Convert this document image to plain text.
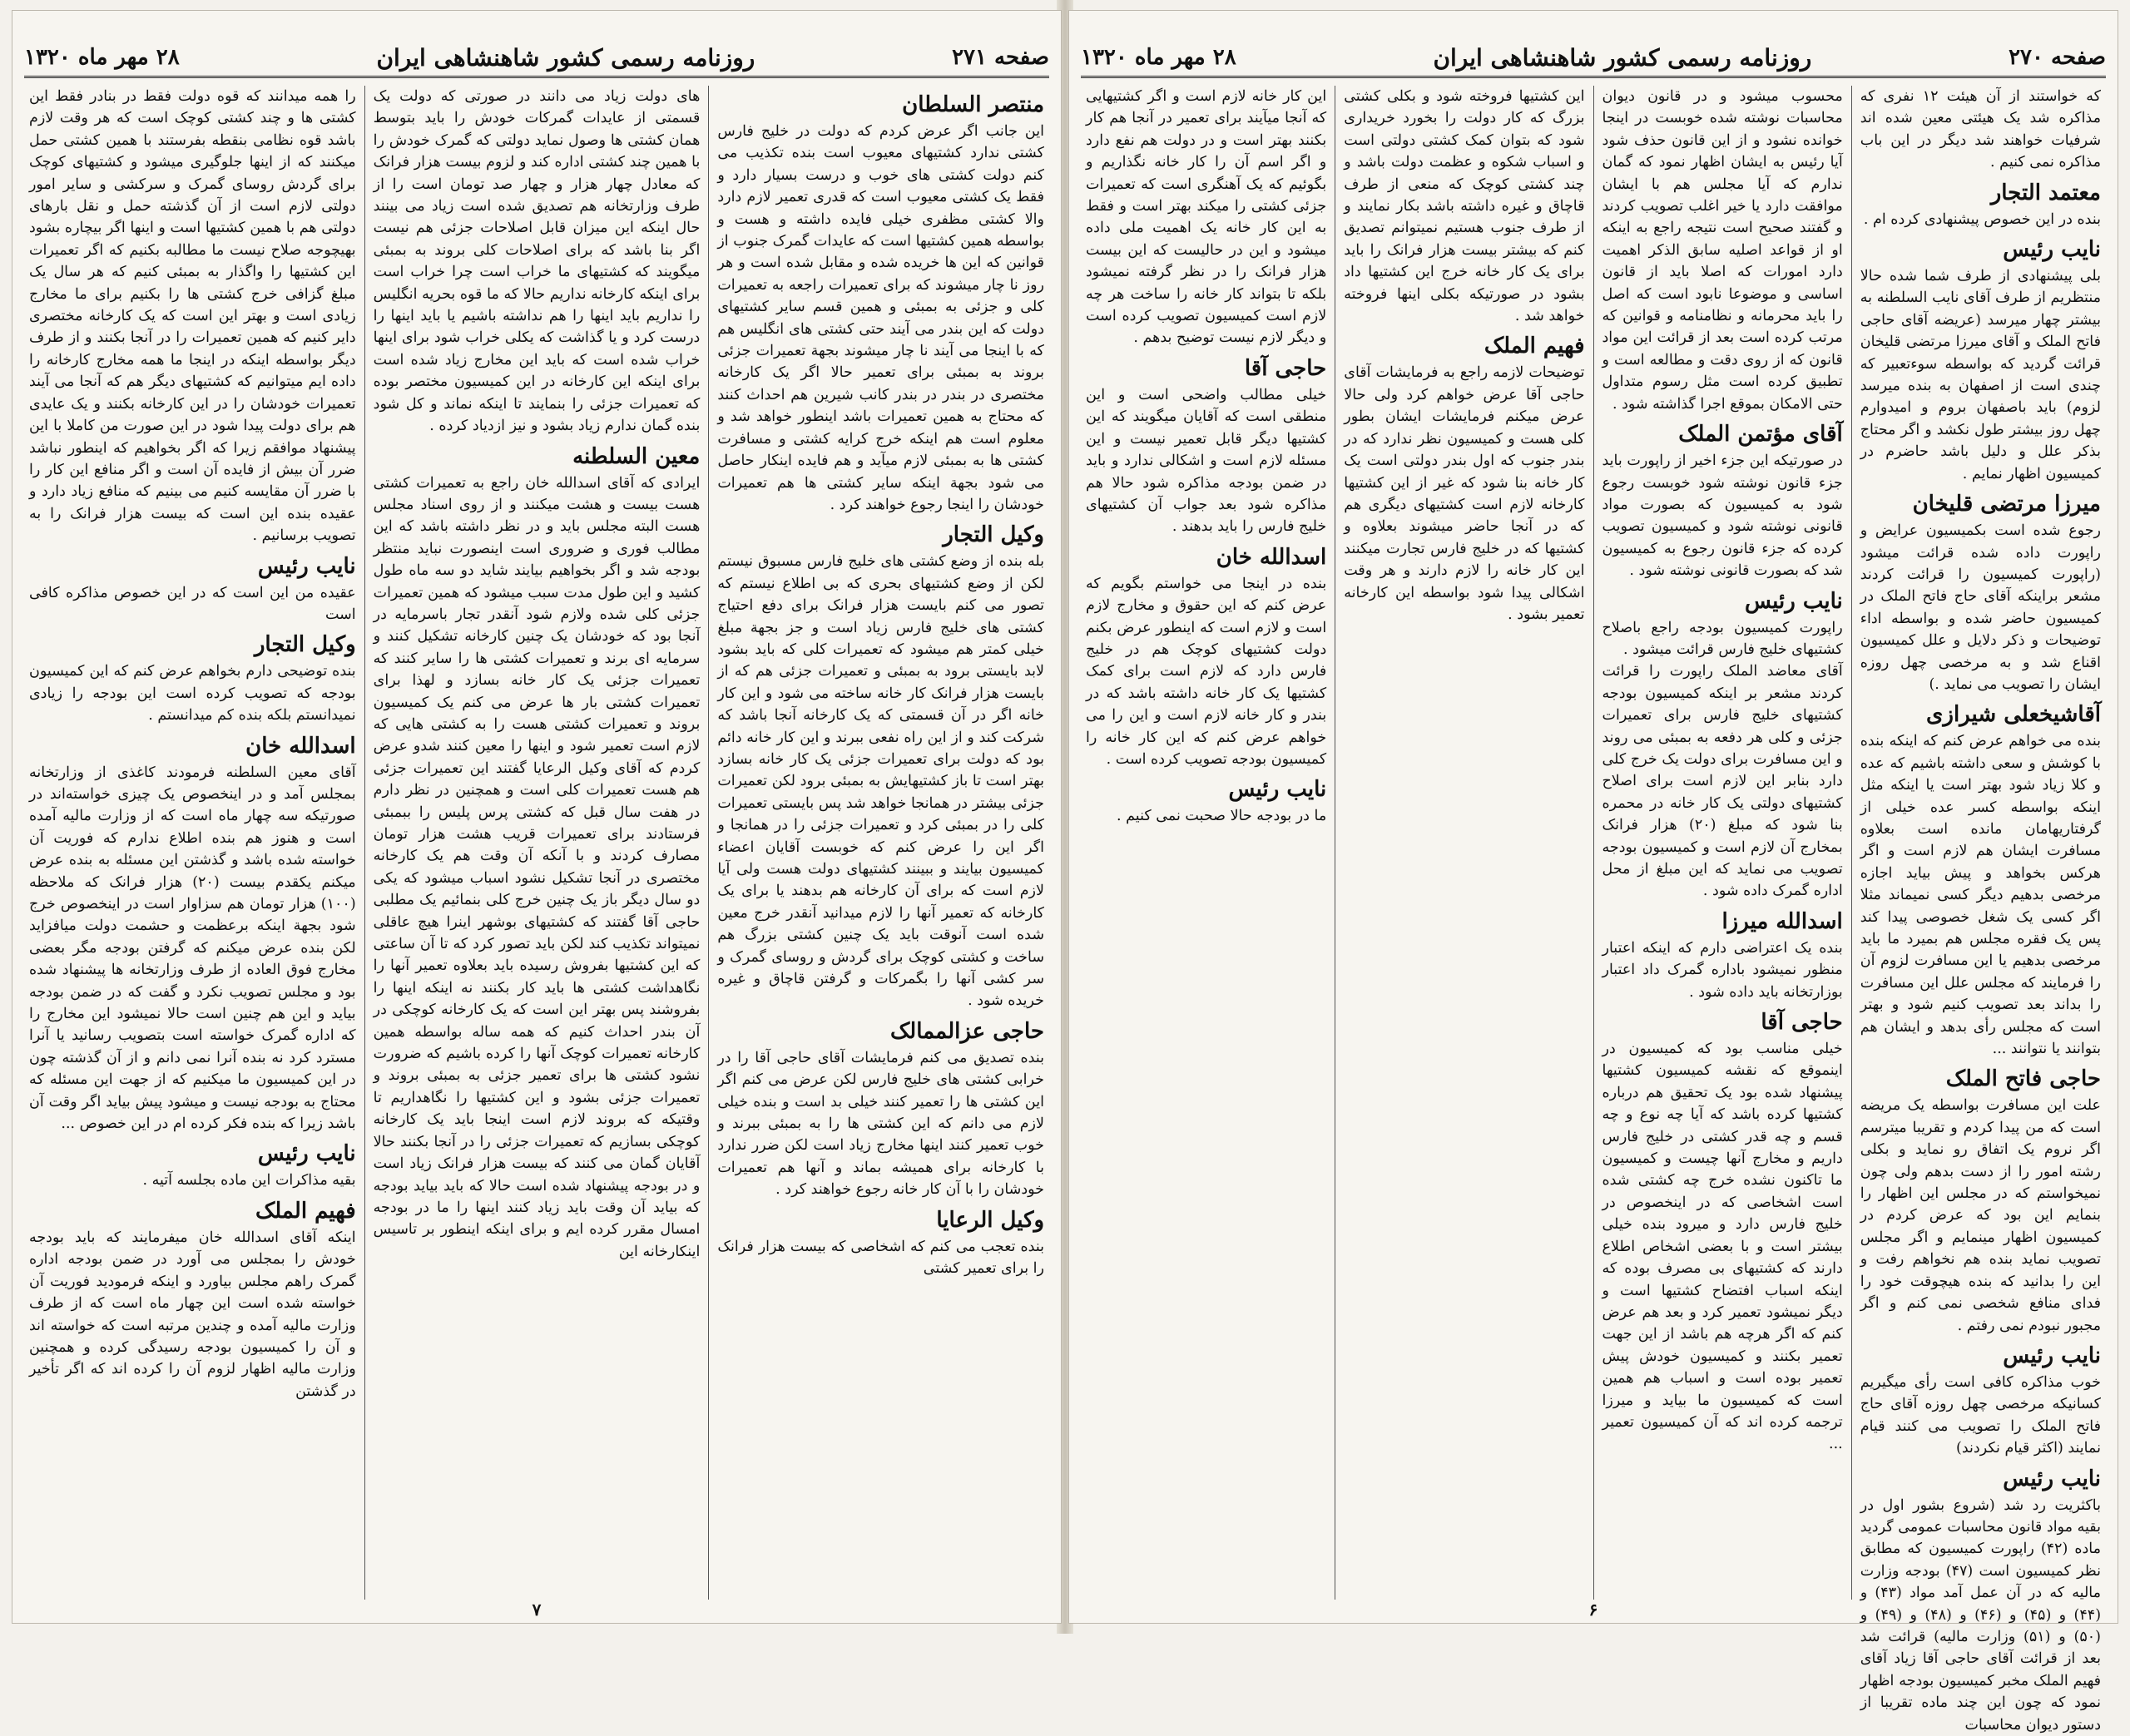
صفحه ۲۷۱
روزنامه رسمی کشور شاهنشاهی ایران
۲۸ مهر ماه ۱۳۲۰

منتصر السلطان
این جانب اگر عرض کردم که دولت در خلیج فارس کشتی ندارد کشتیهای معیوب است بنده تکذیب می کنم دولت کشتی های خوب و درست بسیار دارد و فقط یک کشتی معیوب است که قدری تعمیر لازم دارد والا کشتی مظفری خیلی فایده داشته و هست و بواسطه همین کشتیها است که عایدات گمرک جنوب از قوانین که این ها خریده شده و مقابل شده است و هر روز نا چار میشوند که برای تعمیرات راجعه به تعمیرات کلی و جزئی به بمبئی و همین قسم سایر کشتیهای دولت که این بندر می آیند حتی کشتی های انگلیس هم که با اینجا می آیند نا چار میشوند بجهة تعمیرات جزئی بروند به بمبئی برای تعمیر حالا اگر یک کارخانه مختصری در بندر در بندر کانب شیرین هم احداث کنند که محتاج به همین تعمیرات باشد اینطور خواهد شد و معلوم است هم اینکه خرج کرایه کشتی و مسافرت کشتی ها به بمبئی لازم میآید و هم فایده اینکار حاصل می شود بجهة اینکه سایر کشتی ها هم تعمیرات خودشان را اینجا رجوع خواهند کرد .

وکیل التجار
بله بنده از وضع کشتی های خلیج فارس مسبوق نیستم لکن از وضع کشتیهای بحری که بی اطلاع نیستم که تصور می کنم بایست هزار فرانک برای دفع احتیاج کشتی های خلیج فارس زیاد است و جز بجهة مبلغ خیلی کمتر هم میشود که تعمیرات کلی که باید بشود لابد بایستی برود به بمبئی و تعمیرات جزئی هم که از بایست هزار فرانک کار خانه ساخته می شود و این کار خانه اگر در آن قسمتی که یک کارخانه آنجا باشد که شرکت کند و از این راه نفعی ببرند و این کار خانه دائم بود که دولت برای تعمیرات جزئی یک کار خانه بسازد بهتر است تا باز کشتیهایش به بمبئی برود لکن تعمیرات جزئی بیشتر در همانجا خواهد شد پس بایستی تعمیرات کلی را در بمبئی کرد و تعمیرات جزئی را در همانجا و اگر این را عرض کنم که خوبست آقایان اعضاء کمیسیون بیایند و ببینند کشتیهای دولت هست ولی آیا لازم است که برای آن کارخانه هم بدهند یا برای یک کارخانه که تعمیر آنها را لازم میدانید آنقدر خرج معین شده است آنوقت باید یک چنین کشتی بزرگ هم ساخت و کشتی کوچک برای گردش و روسای گمرک و سر کشی آنها را بگمرکات و گرفتن قاچاق و غیره خریده شود .

حاجی عزالممالک
بنده تصدیق می کنم فرمایشات آقای حاجی آقا را در خرابی کشتی های خلیج فارس لکن عرض می کنم اگر این کشتی ها را تعمیر کنند خیلی بد است و بنده خیلی لازم می دانم که این کشتی ها را به بمبئی ببرند و خوب تعمیر کنند اینها مخارج زیاد است لکن ضرر ندارد با کارخانه برای همیشه بماند و آنها هم تعمیرات خودشان را با آن کار خانه رجوع خواهند کرد .

وکیل الرعایا
بنده تعجب می کنم که اشخاصی که بیست هزار فرانک را برای تعمیر کشتی

های دولت زیاد می دانند در صورتی که دولت یک قسمتی از عایدات گمرکات خودش را باید بتوسط همان کشتی ها وصول نماید دولتی که گمرک خودش را با همین چند کشتی اداره کند و لزوم بیست هزار فرانک که معادل چهار هزار و چهار صد تومان است را از طرف وزارتخانه هم تصدیق شده است زیاد می بینند حال اینکه این میزان قابل اصلاحات جزئی هم نیست اگر بنا باشد که برای اصلاحات کلی بروند به بمبئی میگویند که کشتیهای ما خراب است چرا خراب است برای اینکه کارخانه نداریم حالا که ما قوه بحریه انگلیس را نداریم باید اینها را هم نداشته باشیم یا باید اینها را درست کرد و یا گذاشت که یکلی خراب شود برای اینها خراب شده است که باید این مخارج زیاد شده است برای اینکه این کارخانه در این کمیسیون مختصر بوده که تعمیرات جزئی را بنمایند تا اینکه نماند و کل شود بنده گمان ندارم زیاد بشود و نیز ازدیاد کرده .

معین السلطنه
ایرادی که آقای اسدالله خان راجع به تعمیرات کشتی هست بیست و هشت میکنند و از روی اسناد مجلس هست البته مجلس باید و در نظر داشته باشد که این مطالب فوری و ضروری است اینصورت نباید منتظر بودجه شد و اگر بخواهیم بیایند شاید دو سه ماه طول کشید و این طول مدت سبب میشود که همین تعمیرات جزئی کلی شده ولازم شود آنقدر تجار باسرمایه در آنجا بود که خودشان یک چنین کارخانه تشکیل کنند و سرمایه ای برند و تعمیرات کشتی ها را سایر کنند که تعمیرات جزئی یک کار خانه بسازد و لهذا برای تعمیرات کشتی بار ها عرض می کنم یک کمیسیون بروند و تعمیرات کشتی هست را به کشتی هایی که لازم است تعمیر شود و اینها را معین کنند شدو عرض کردم که آقای وکیل الرعایا گفتند این تعمیرات جزئی هم هست تعمیرات کلی است و همچنین در نظر دارم در هفت سال قبل که کشتی پرس پلیس را ببمبئی فرستادند برای تعمیرات قریب هشت هزار تومان مصارف کردند و با آنکه آن وقت هم یک کارخانه مختصری در آنجا تشکیل نشود اسباب میشود که یکی دو سال دیگر باز یک چنین خرج کلی بنمائیم یک مطلبی حاجی آقا گفتند که کشتیهای بوشهر اینرا هیچ عاقلی نمیتواند تکذیب کند لکن باید تصور کرد که تا آن ساعتی که این کشتیها بفروش رسیده باید بعلاوه تعمیر آنها را نگاهداشت کشتی ها باید کار بکنند نه اینکه اینها را بفروشند پس بهتر این است که یک کارخانه کوچکی در آن بندر احداث کنیم که همه ساله بواسطه همین کارخانه تعمیرات کوچک آنها را کرده باشیم که ضرورت نشود کشتی ها برای تعمیر جزئی به بمبئی بروند و تعمیرات جزئی بشود و این کشتیها را نگاهداریم تا وقتیکه که بروند لازم است اینجا باید یک کارخانه کوچکی بسازیم که تعمیرات جزئی را در آنجا بکنند حالا آقایان گمان می کنند که بیست هزار فرانک زیاد است و در بودجه پیشنهاد شده است حالا که باید بیاید بودجه که بیاید آن وقت باید زیاد کنند اینها را ما در بودجه امسال مقرر کرده ایم و برای اینکه اینطور بر تاسیس اینکارخانه این

را همه میدانند که قوه دولت فقط در بنادر فقط این کشتی ها و چند کشتی کوچک است که هر وقت لازم باشد قوه نظامی بنقطه بفرستند با همین کشتی حمل میکنند که از اینها جلوگیری میشود و کشتیهای کوچک برای گردش روسای گمرک و سرکشی و سایر امور دولتی لازم است از آن گذشته حمل و نقل بارهای دولتی هم با همین کشتیها است و اینها اگر بیچاره بشود بهیچوجه صلاح نیست ما مطالبه بکنیم که اگر تعمیرات این کشتیها را واگذار به بمبئی کنیم که هر سال یک مبلغ گزافی خرج کشتی ها را بکنیم برای ما مخارج زیادی است و بهتر این است که یک کارخانه مختصری دایر کنیم که همین تعمیرات را در آنجا بکنند و از طرف دیگر بواسطه اینکه در اینجا ما همه مخارج کارخانه را داده ایم میتوانیم که کشتیهای دیگر هم که آنجا می آیند تعمیرات خودشان را در این کارخانه بکنند و یک عایدی هم برای دولت پیدا شود در این صورت من کاملا با این پیشنهاد موافقم زیرا که اگر بخواهیم که اینطور نباشد ضرر آن بیش از فایده آن است و اگر منافع این کار را با ضرر آن مقایسه کنیم می بینیم که منافع زیاد دارد و عقیده بنده این است که بیست هزار فرانک را به تصویب برسانیم .

نایب رئیس
عقیده من این است که در این خصوص مذاکره کافی است

وکیل التجار
بنده توضیحی دارم بخواهم عرض کنم که این کمیسیون بودجه که تصویب کرده است این بودجه را زیادی نمیدانستم بلکه بنده کم میدانستم .

اسدالله خان
آقای معین السلطنه فرمودند کاغذی از وزارتخانه بمجلس آمد و در اینخصوص یک چیزی خواسته‌اند در صورتیکه سه چهار ماه است که از وزارت مالیه آمده است و هنوز هم بنده اطلاع ندارم که فوریت آن خواسته شده باشد و گذشتن این مسئله به بنده عرض میکنم یکقدم بیست (۲۰) هزار فرانک که ملاحظه (۱۰۰) هزار تومان هم سزاوار است در اینخصوص خرج شود بجهة اینکه برعظمت و حشمت دولت میافزاید لکن بنده عرض میکنم که گرفتن بودجه مگر بعضی مخارج فوق العاده از طرف وزارتخانه ها پیشنهاد شده بود و مجلس تصویب نکرد و گفت که در ضمن بودجه بیاید و این هم چنین است حالا نمیشود این مخارج را که اداره گمرک خواسته است بتصویب رسانید یا آنرا مسترد کرد نه بنده آنرا نمی دانم و از آن گذشته چون در این کمیسیون ما میکنیم که از جهت این مسئله که محتاج به بودجه نیست و میشود پیش بیاید اگر وقت آن باشد زیرا که بنده فکر کرده ام در این خصوص ...

نایب رئیس
بقیه مذاکرات این ماده بجلسه آتیه .

فهیم الملک
اینکه آقای اسدالله خان میفرمایند که باید بودجه خودش را بمجلس می آورد در ضمن بودجه اداره گمرک راهم مجلس بیاورد و اینکه فرمودید فوریت آن خواسته شده است این چهار ماه است که از طرف وزارت مالیه آمده و چندین مرتبه است که خواسته اند و آن را کمیسیون بودجه رسیدگی کرده و همچنین وزارت مالیه اظهار لزوم آن را کرده اند که اگر تأخیر در گذشتن

۷
صفحه ۲۷۰
روزنامه رسمی کشور شاهنشاهی ایران
۲۸ مهر ماه ۱۳۲۰

که خواستند از آن هیئت ۱۲ نفری که مذاکره شد یک هیئتی معین شده اند شرفیات خواهند شد دیگر در این باب مذاکره نمی کنیم .

معتمد التجار
بنده در این خصوص پیشنهادی کرده ام .

نایب رئیس
بلی پیشنهادی از طرف شما شده حالا منتظریم از طرف آقای نایب السلطنه به بیشتر چهار میرسد (عریضه آقای حاجی فاتح الملک و آقای میرزا مرتضی قلیخان قرائت گردید که بواسطه سوءتعبیر که چندی است از اصفهان به بنده میرسد لزوم) باید باصفهان بروم و امیدوارم چهل روز بیشتر طول نکشد و اگر محتاج بذکر علل و دلیل باشد حاضرم در کمیسیون اظهار نمایم .

میرزا مرتضی قلیخان
رجوع شده است بکمیسیون عرایض و راپورت داده شده قرائت میشود (راپورت کمیسیون را قرائت کردند مشعر براینکه آقای حاج فاتح الملک در کمیسیون حاضر شده و بواسطه اداء توضیحات و ذکر دلایل و علل کمیسیون اقناع شد و به مرخصی چهل روزه ایشان را تصویب می نماید .)

آقاشیخعلی شیرازی
بنده می خواهم عرض کنم که اینکه بنده با کوشش و سعی داشته باشیم که عده و کلا زیاد شود بهتر است یا اینکه مثل اینکه بواسطه کسر عده خیلی از گرفتاریهامان مانده است بعلاوه مسافرت ایشان هم لازم است و اگر هرکس بخواهد و پیش بیاید اجازه مرخصی بدهیم دیگر کسی نمیماند مثلا اگر کسی یک شغل خصوصی پیدا کند پس یک فقره مجلس هم بمیرد ما باید مرخصی بدهیم یا این مسافرت لزوم آن را فرمایند که مجلس علل این مسافرت را بداند بعد تصویب کنیم شود و بهتر است که مجلس رأی بدهد و ایشان هم بتوانند یا نتوانند ...

حاجی فاتح الملک
علت این مسافرت بواسطه یک مریضه است که من پیدا کردم و تقریبا میترسم اگر نروم یک اتفاق رو نماید و بکلی رشته امور را از دست بدهم ولی چون نمیخواستم که در مجلس این اظهار را بنمایم این بود که عرض کردم در کمیسیون اظهار مینمایم و اگر مجلس تصویب نماید بنده هم نخواهم رفت و این را بدانید که بنده هیچوقت خود را فدای منافع شخصی نمی کنم و اگر مجبور نبودم نمی رفتم .

نایب رئیس
خوب مذاکره کافی است رأی میگیریم کسانیکه مرخصی چهل روزه آقای حاج فاتح الملک را تصویب می کنند قیام نمایند (اکثر قیام نکردند)

نایب رئیس
باکثریت رد شد (شروع بشور اول در بقیه مواد قانون محاسبات عمومی گردید ماده (۴۲) راپورت کمیسیون که مطابق نظر کمیسیون است (۴۷) بودجه وزارت مالیه که در آن عمل آمد مواد (۴۳) و (۴۴) و (۴۵) و (۴۶) و (۴۸) و (۴۹) و (۵۰) و (۵۱) وزارت مالیه) قرائت شد بعد از قرائت آقای حاجی آقا زیاد آقای فهیم الملک مخبر کمیسیون بودجه اظهار نمود که چون این چند ماده تقریبا از دستور دیوان محاسبات

محسوب میشود و در قانون دیوان محاسبات نوشته شده خوبست در اینجا خوانده نشود و از این قانون حذف شود آیا رئیس به ایشان اظهار نمود که گمان ندارم که آیا مجلس هم با ایشان موافقت دارد یا خیر اغلب تصویب کردند و گفتند صحیح است نتیجه راجع به اینکه او از قواعد اصلیه سابق الذکر اهمیت دارد امورات که اصلا باید از قانون اساسی و موضوعا نابود است که اصل را باید محرمانه و نظامنامه و قوانین که مرتب کرده است بعد از قرائت این مواد قانون که از روی دقت و مطالعه است و تطبیق کرده است مثل رسوم متداول حتی الامکان بموقع اجرا گذاشته شود .

آقای مؤتمن الملک
در صورتیکه این جزء اخیر از راپورت باید جزء قانون نوشته شود خوبست رجوع شود به کمیسیون که بصورت مواد قانونی نوشته شود و کمیسیون تصویب کرده که جزء قانون رجوع به کمیسیون شد که بصورت قانونی نوشته شود .

نایب رئیس
راپورت کمیسیون بودجه راجع باصلاح کشتیهای خلیج فارس قرائت میشود .

آقای معاضد الملک راپورت را قرائت کردند مشعر بر اینکه کمیسیون بودجه کشتیهای خلیج فارس برای تعمیرات جزئی و کلی هر دفعه به بمبئی می روند و این مسافرت برای دولت یک خرج کلی دارد بنابر این لازم است برای اصلاح کشتیهای دولتی یک کار خانه در محمره بنا شود که مبلغ (۲۰) هزار فرانک بمخارج آن لازم است و کمیسیون بودجه تصویب می نماید که این مبلغ از محل اداره گمرک داده شود .

اسدالله میرزا
بنده یک اعتراضی دارم که اینکه اعتبار منظور نمیشود باداره گمرک داد اعتبار بوزارتخانه باید داده شود .

حاجی آقا
خیلی مناسب بود که کمیسیون در اینموقع که نقشه کمیسیون کشتیها پیشنهاد شده بود یک تحقیق هم درباره کشتیها کرده باشد که آیا چه نوع و چه قسم و چه قدر کشتی در خلیج فارس داریم و مخارج آنها چیست و کمیسیون ما تاکنون نشده خرج چه کشتی شده است اشخاصی که در اینخصوص در خلیج فارس دارد و میرود بنده خیلی بیشتر است و با بعضی اشخاص اطلاع دارند که کشتیهای بی مصرف بوده که اینکه اسباب افتضاح کشتیها است و دیگر نمیشود تعمیر کرد و بعد هم عرض کنم که اگر هرچه هم باشد از این جهت تعمیر بکنند و کمیسیون خودش پیش تعمیر بوده است و اسباب هم همین است که کمیسیون ما بیاید و میرزا ترجمه کرده اند که آن کمیسیون تعمیر ...

این کشتیها فروخته شود و بکلی کشتی بزرگ که کار دولت را بخورد خریداری شود که بتوان کمک کشتی دولتی است و اسباب شکوه و عظمت دولت باشد و چند کشتی کوچک که منعی از طرف قاچاق و غیره داشته باشد بکار نمایند و از طرف جنوب هستیم نمیتوانم تصدیق کنم که بیشتر بیست هزار فرانک را باید برای یک کار خانه خرج این کشتیها داد بشود در صورتیکه بکلی اینها فروخته خواهد شد .

فهیم الملک
توضیحات لازمه راجع به فرمایشات آقای حاجی آقا عرض خواهم کرد ولی حالا عرض میکنم فرمایشات ایشان بطور کلی هست و کمیسیون نظر ندارد که در بندر جنوب که اول بندر دولتی است یک کار خانه بنا شود که غیر از این کشتیها کارخانه لازم است کشتیهای دیگری هم که در آنجا حاضر میشوند بعلاوه و کشتیها که در خلیج فارس تجارت میکنند این کار خانه را لازم دارند و هر وقت اشکالی پیدا شود بواسطه این کارخانه تعمیر بشود .

این کار خانه لازم است و اگر کشتیهایی که آنجا میآیند برای تعمیر در آنجا هم کار بکنند بهتر است و در دولت هم نفع دارد و اگر اسم آن را کار خانه نگذاریم و بگوئیم که یک آهنگری است که تعمیرات جزئی کشتی را میکند بهتر است و فقط به این کار خانه یک اهمیت ملی داده میشود و این در حالیست که این بیست هزار فرانک را در نظر گرفته نمیشود بلکه تا بتواند کار خانه را ساخت هر چه لازم است کمیسیون تصویب کرده است و دیگر لازم نیست توضیح بدهم .

حاجی آقا
خیلی مطالب واضحی است و این منطقی است که آقایان میگویند که این کشتیها دیگر قابل تعمیر نیست و این مسئله لازم است و اشکالی ندارد و باید در ضمن بودجه مذاکره شود حالا هم مذاکره شود بعد جواب آن کشتیهای خلیج فارس را باید بدهند .

اسدالله خان
بنده در اینجا می خواستم بگویم که عرض کنم که این حقوق و مخارج لازم است و لازم است که اینطور عرض بکنم دولت کشتیهای کوچک هم در خلیج فارس دارد که لازم است برای کمک کشتیها یک کار خانه داشته باشد که در بندر و کار خانه لازم است و این را می خواهم عرض کنم که این کار خانه را کمیسیون بودجه تصویب کرده است .

نایب رئیس
ما در بودجه حالا صحبت نمی کنیم .

۶
